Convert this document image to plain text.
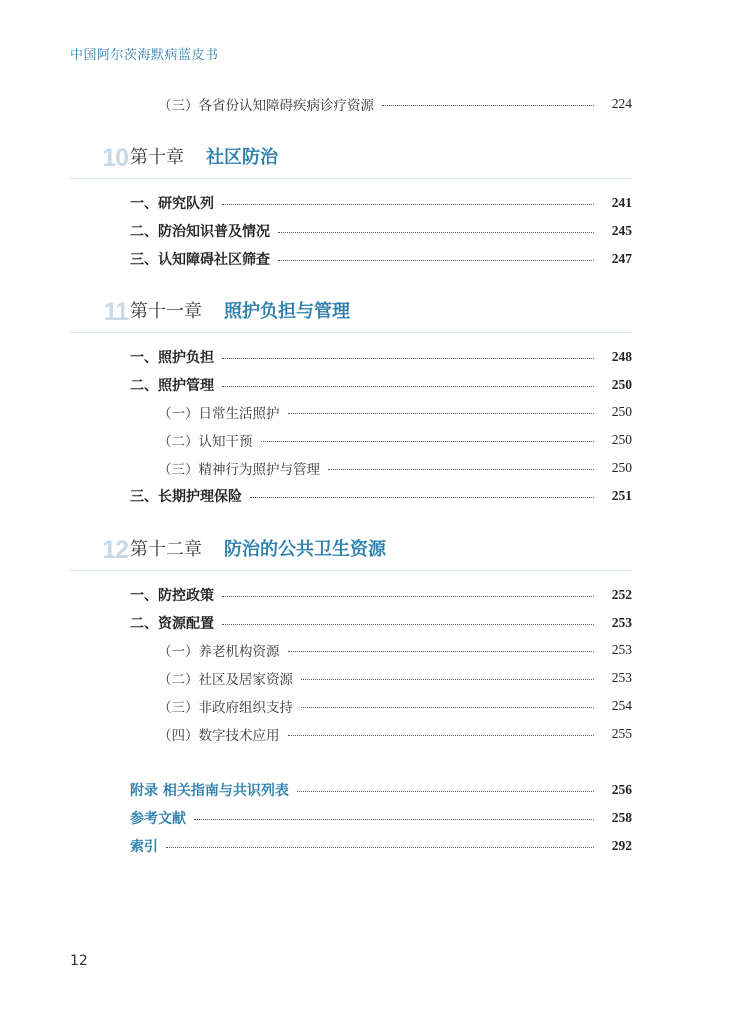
中国阿尔茨海默病蓝皮书
（三）各省份认知障碍疾病诊疗资源	224
10 第十章 社区防治
一、研究队列	241
二、防治知识普及情况	245
三、认知障碍社区筛查	247
11 第十一章 照护负担与管理
一、照护负担	248
二、照护管理	250
（一）日常生活照护	250
（二）认知干预	250
（三）精神行为照护与管理	250
三、长期护理保险	251
12 第十二章 防治的公共卫生资源
一、防控政策	252
二、资源配置	253
（一）养老机构资源	253
（二）社区及居家资源	253
（三）非政府组织支持	254
（四）数字技术应用	255
附录 相关指南与共识列表	256
参考文献	258
索引	292
12
